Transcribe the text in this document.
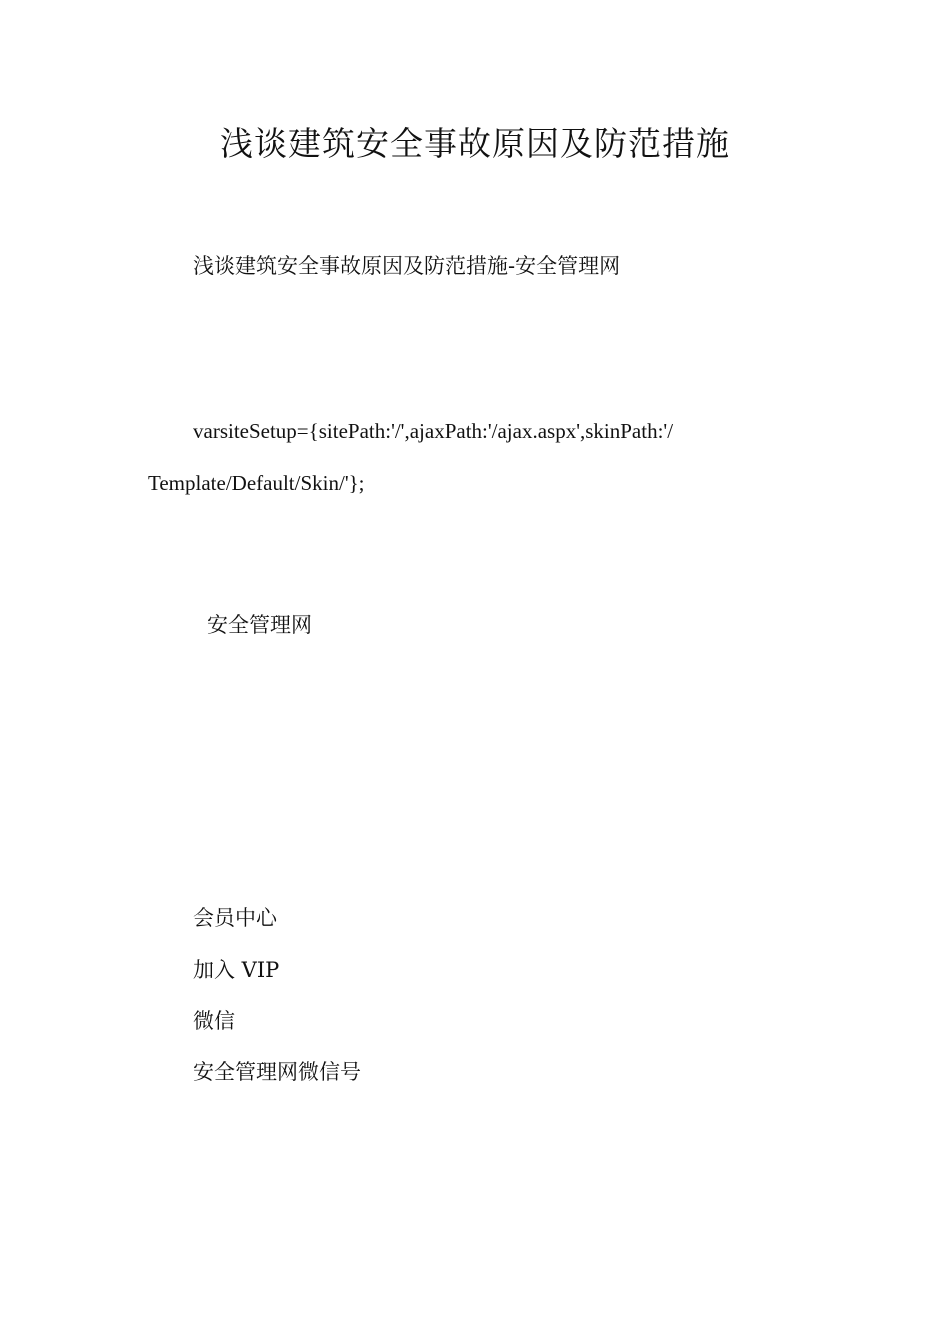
浅谈建筑安全事故原因及防范措施

浅谈建筑安全事故原因及防范措施-安全管理网

varsiteSetup={sitePath:'/',ajaxPath:'/ajax.aspx',skinPath:'/
Template/Default/Skin/'};

安全管理网

会员中心

加入 VIP

微信

安全管理网微信号
